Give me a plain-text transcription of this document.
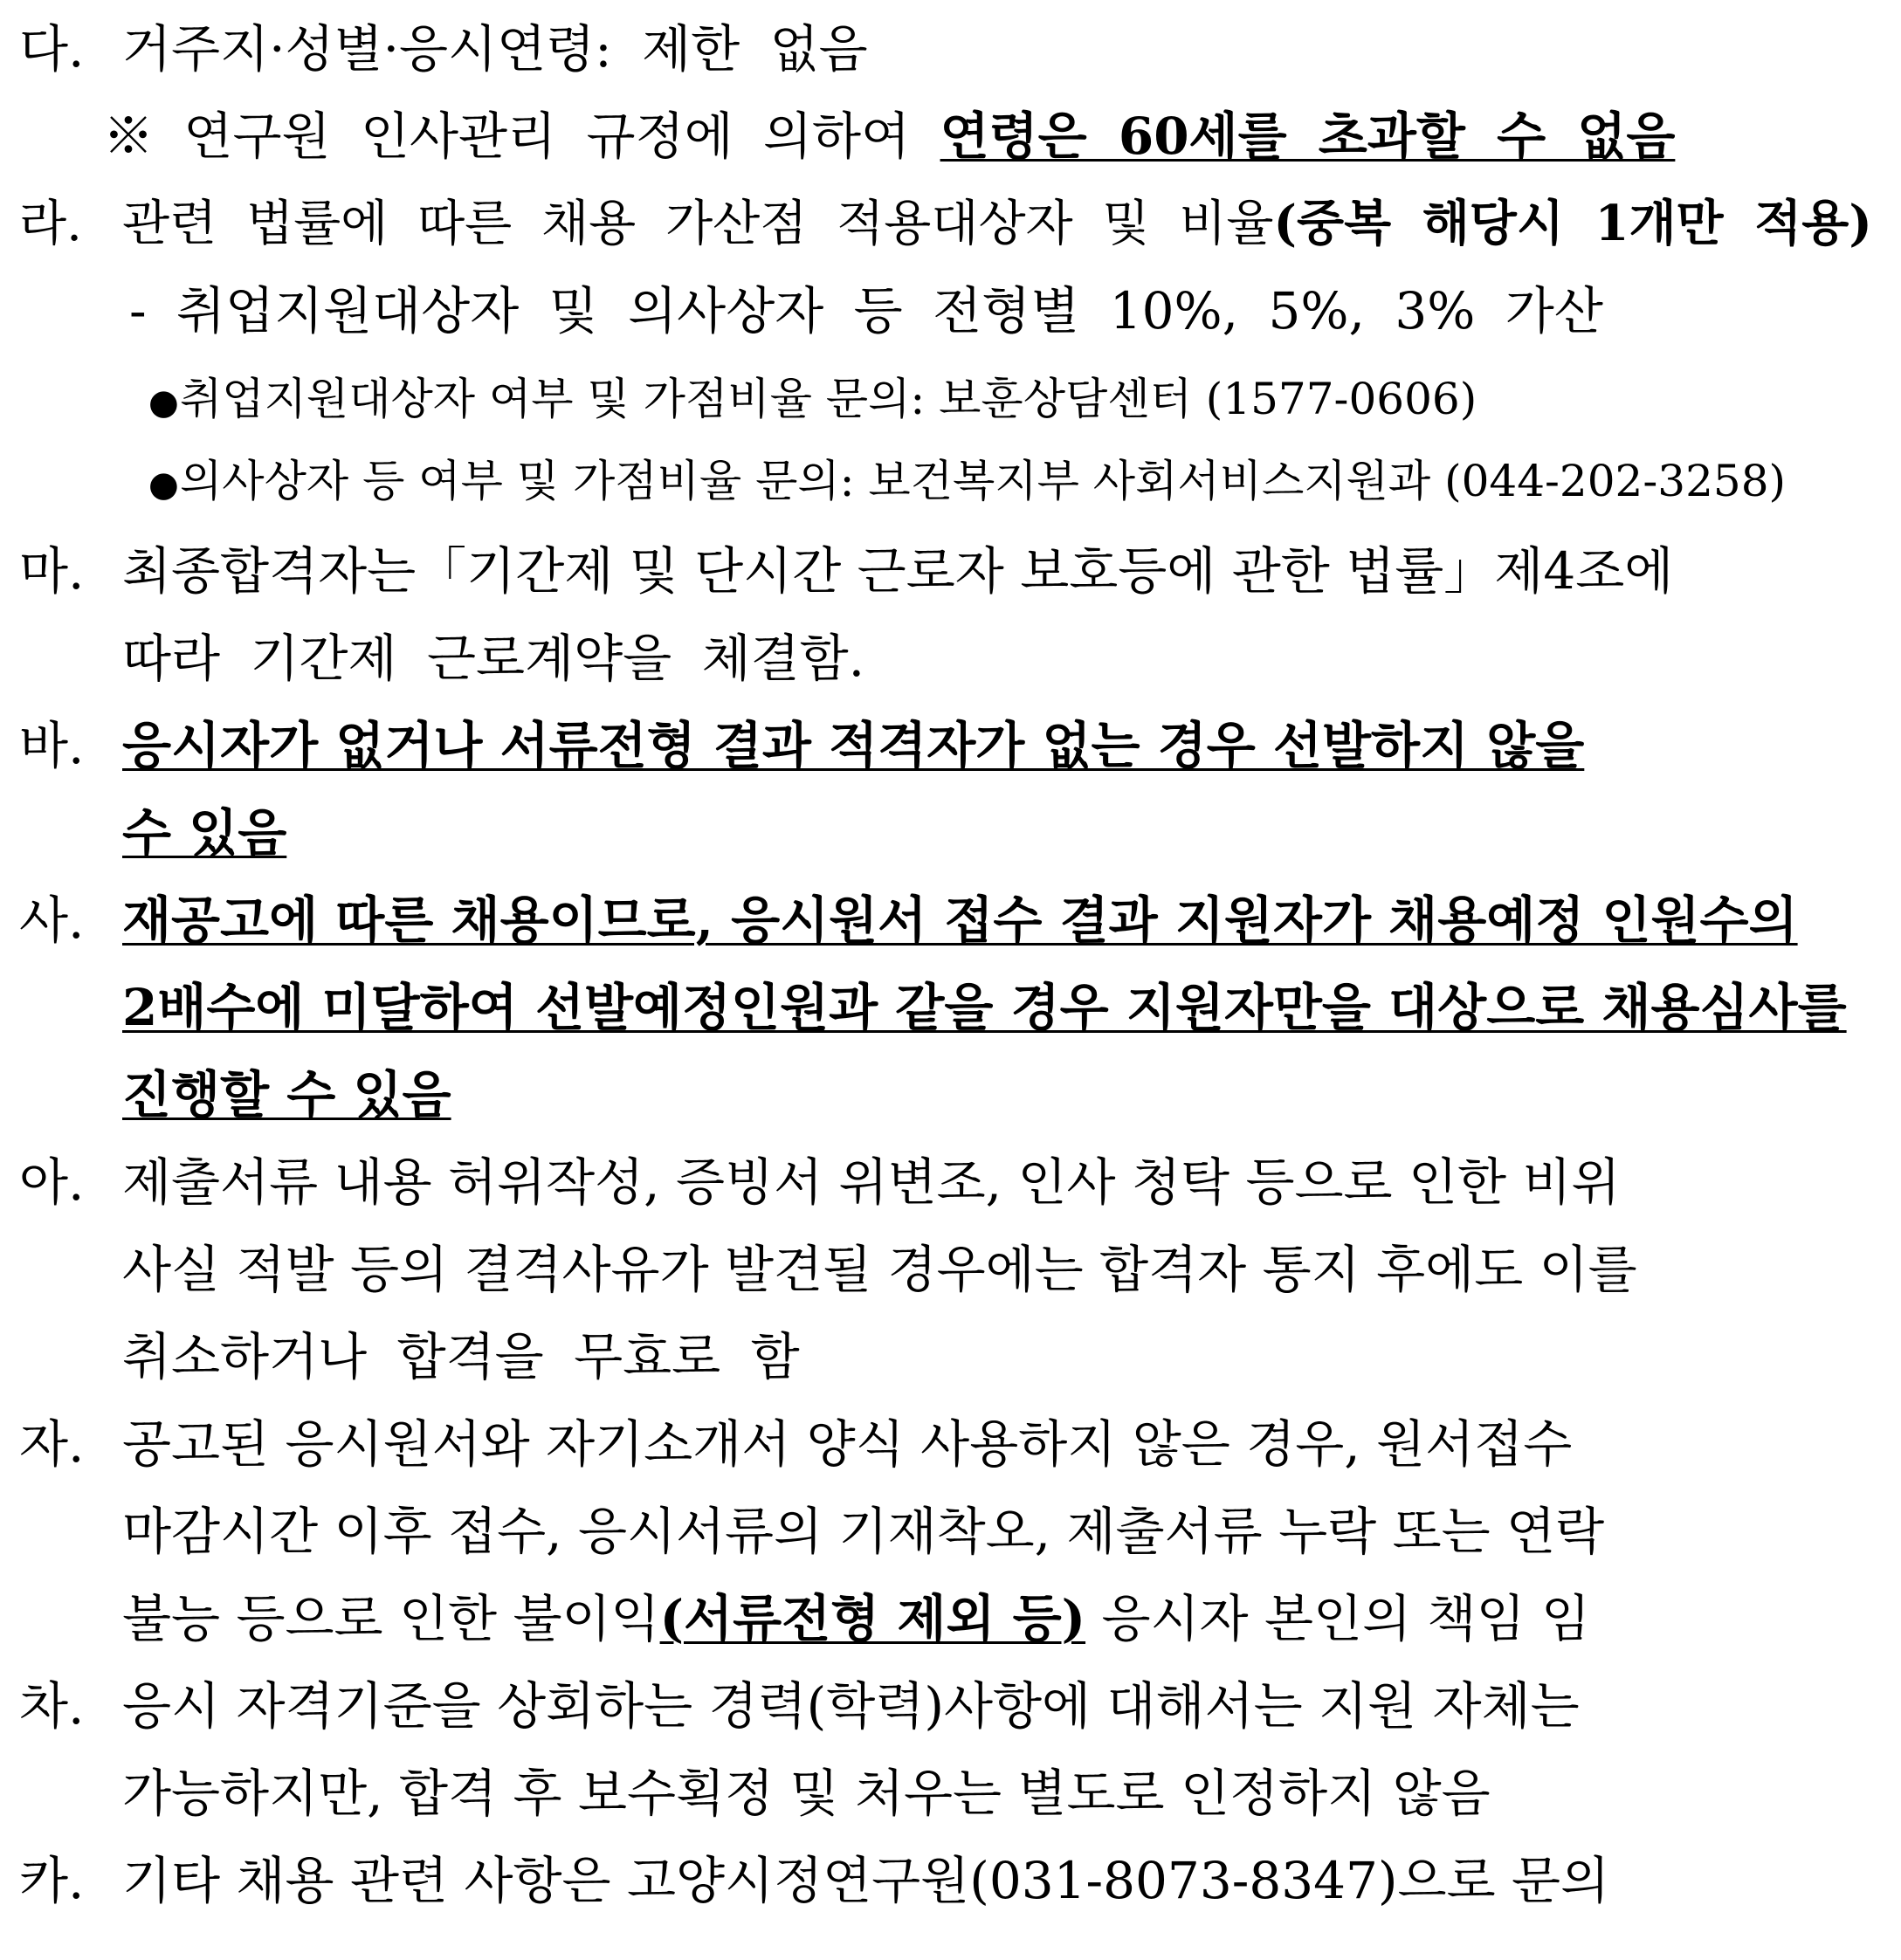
다. 거주지·성별·응시연령: 제한 없음
※ 연구원 인사관리 규정에 의하여 연령은 60세를 초과할 수 없음
라. 관련 법률에 따른 채용 가산점 적용대상자 및 비율(중복 해당시 1개만 적용)
- 취업지원대상자 및 의사상자 등 전형별 10%, 5%, 3% 가산
●취업지원대상자 여부 및 가점비율 문의: 보훈상담센터 (1577-0606)
●의사상자 등 여부 및 가점비율 문의: 보건복지부 사회서비스지원과 (044-202-3258)
마. 최종합격자는「기간제 및 단시간 근로자 보호등에 관한 법률」제4조에
따라 기간제 근로계약을 체결함.
바. 응시자가 없거나 서류전형 결과 적격자가 없는 경우 선발하지 않을
수 있음
사. 재공고에 따른 채용이므로, 응시원서 접수 결과 지원자가 채용예정 인원수의
2배수에 미달하여 선발예정인원과 같을 경우 지원자만을 대상으로 채용심사를
진행할 수 있음
아. 제출서류 내용 허위작성, 증빙서 위변조, 인사 청탁 등으로 인한 비위
사실 적발 등의 결격사유가 발견될 경우에는 합격자 통지 후에도 이를
취소하거나 합격을 무효로 함
자. 공고된 응시원서와 자기소개서 양식 사용하지 않은 경우, 원서접수
마감시간 이후 접수, 응시서류의 기재착오, 제출서류 누락 또는 연락
불능 등으로 인한 불이익(서류전형 제외 등) 응시자 본인의 책임 임
차. 응시 자격기준을 상회하는 경력(학력)사항에 대해서는 지원 자체는
가능하지만, 합격 후 보수획정 및 처우는 별도로 인정하지 않음
카. 기타 채용 관련 사항은 고양시정연구원(031-8073-8347)으로 문의
